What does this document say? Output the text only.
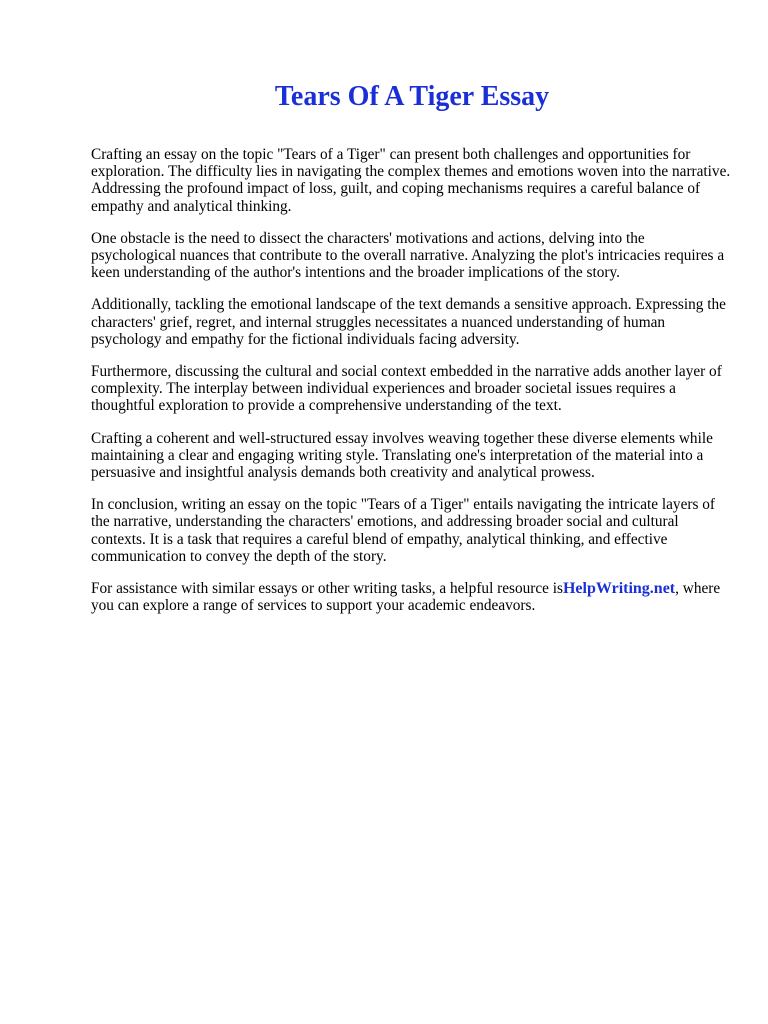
Tears Of A Tiger Essay

Crafting an essay on the topic "Tears of a Tiger" can present both challenges and opportunities for exploration. The difficulty lies in navigating the complex themes and emotions woven into the narrative. Addressing the profound impact of loss, guilt, and coping mechanisms requires a careful balance of empathy and analytical thinking.

One obstacle is the need to dissect the characters' motivations and actions, delving into the psychological nuances that contribute to the overall narrative. Analyzing the plot's intricacies requires a keen understanding of the author's intentions and the broader implications of the story.

Additionally, tackling the emotional landscape of the text demands a sensitive approach. Expressing the characters' grief, regret, and internal struggles necessitates a nuanced understanding of human psychology and empathy for the fictional individuals facing adversity.

Furthermore, discussing the cultural and social context embedded in the narrative adds another layer of complexity. The interplay between individual experiences and broader societal issues requires a thoughtful exploration to provide a comprehensive understanding of the text.

Crafting a coherent and well-structured essay involves weaving together these diverse elements while maintaining a clear and engaging writing style. Translating one's interpretation of the material into a persuasive and insightful analysis demands both creativity and analytical prowess.

In conclusion, writing an essay on the topic "Tears of a Tiger" entails navigating the intricate layers of the narrative, understanding the characters' emotions, and addressing broader social and cultural contexts. It is a task that requires a careful blend of empathy, analytical thinking, and effective communication to convey the depth of the story.

For assistance with similar essays or other writing tasks, a helpful resource isHelpWriting.net, where you can explore a range of services to support your academic endeavors.
